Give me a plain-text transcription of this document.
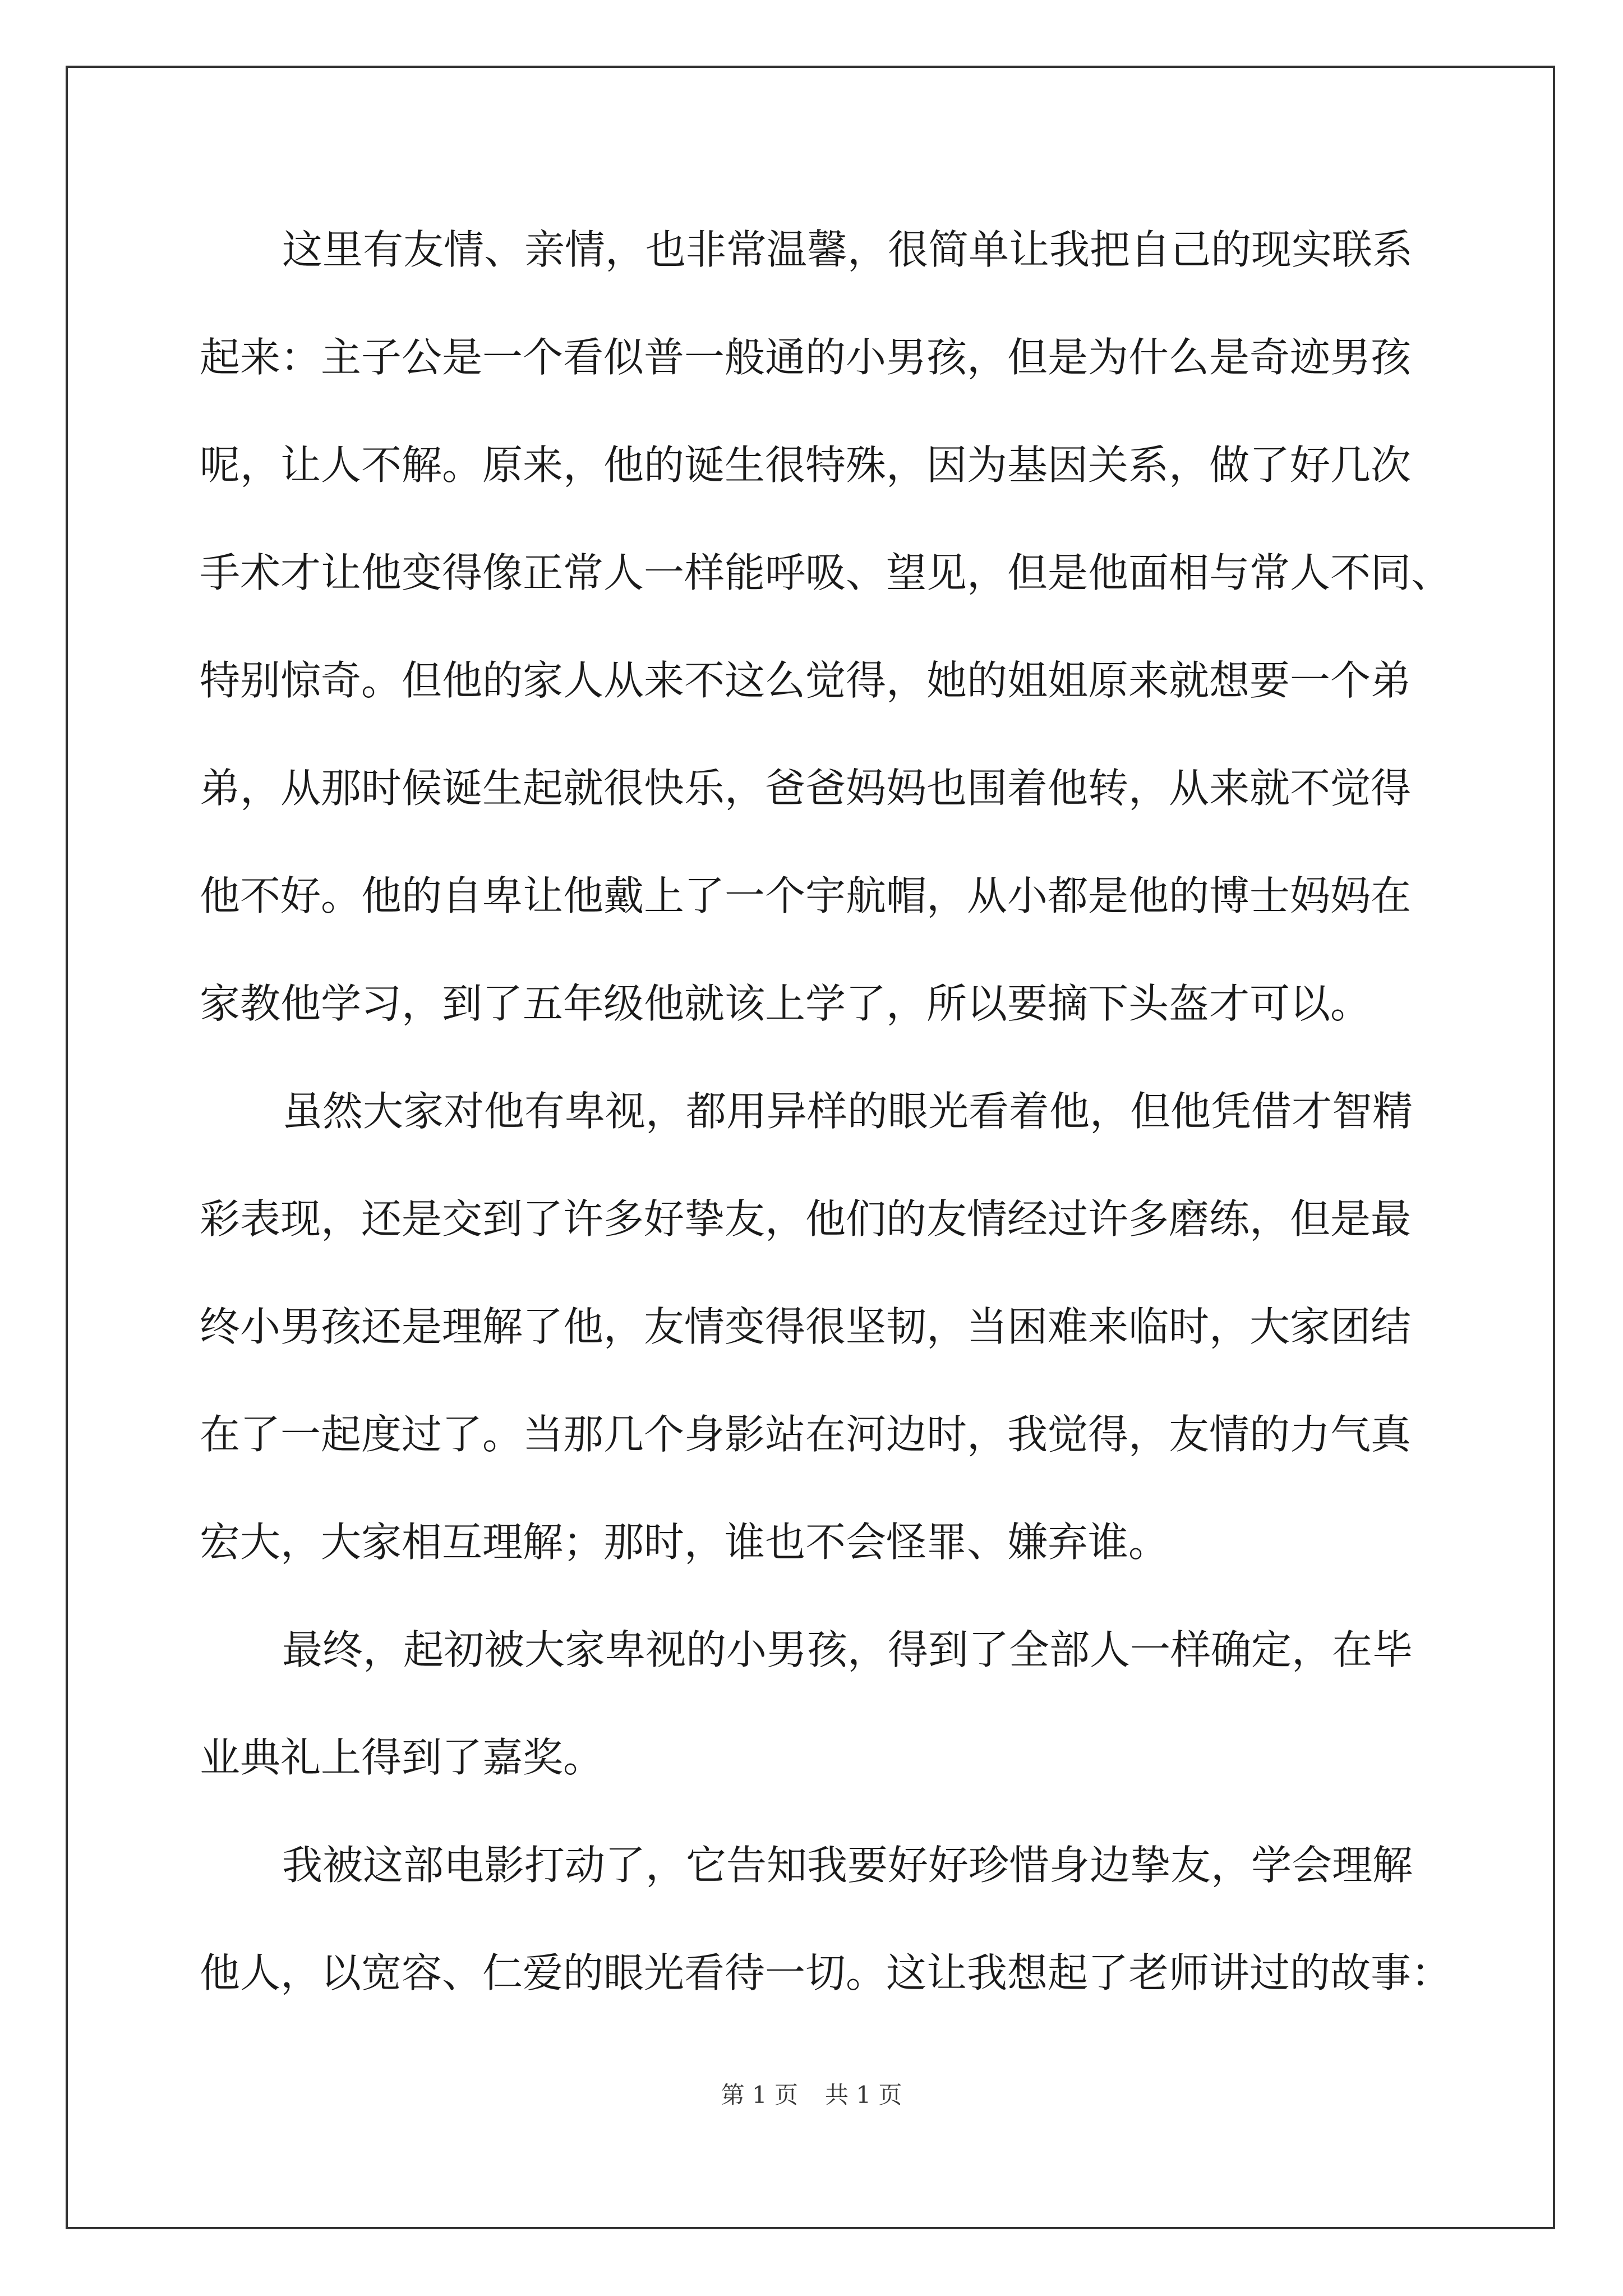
这里有友情、亲情，也非常温馨，很简单让我把自己的现实联系

起来：主子公是一个看似普一般通的小男孩，但是为什么是奇迹男孩

呢，让人不解。原来，他的诞生很特殊，因为基因关系，做了好几次

手术才让他变得像正常人一样能呼吸、望见，但是他面相与常人不同、

特别惊奇。但他的家人从来不这么觉得，她的姐姐原来就想要一个弟

弟，从那时候诞生起就很快乐，爸爸妈妈也围着他转，从来就不觉得

他不好。他的自卑让他戴上了一个宇航帽，从小都是他的博士妈妈在

家教他学习，到了五年级他就该上学了，所以要摘下头盔才可以。

虽然大家对他有卑视，都用异样的眼光看着他，但他凭借才智精

彩表现，还是交到了许多好挚友，他们的友情经过许多磨练，但是最

终小男孩还是理解了他，友情变得很坚韧，当困难来临时，大家团结

在了一起度过了。当那几个身影站在河边时，我觉得，友情的力气真

宏大，大家相互理解；那时，谁也不会怪罪、嫌弃谁。

最终，起初被大家卑视的小男孩，得到了全部人一样确定，在毕

业典礼上得到了嘉奖。

我被这部电影打动了，它告知我要好好珍惜身边挚友，学会理解

他人，以宽容、仁爱的眼光看待一切。这让我想起了老师讲过的故事：

第 1 页 共 1 页
